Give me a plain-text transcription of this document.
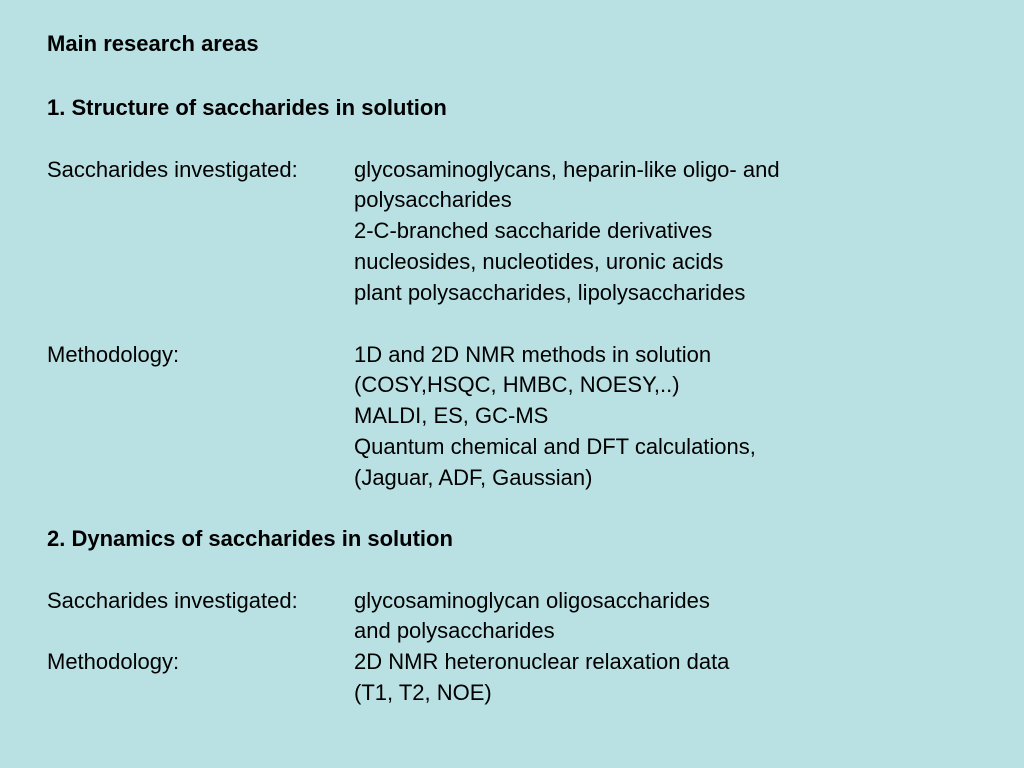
Main research areas
1. Structure of saccharides in solution
Saccharides investigated:	glycosaminoglycans, heparin-like oligo- and
polysaccharides
2-C-branched saccharide derivatives
nucleosides, nucleotides, uronic acids
plant polysaccharides, lipolysaccharides
Methodology:	1D and 2D NMR methods in solution
(COSY,HSQC, HMBC, NOESY,..)
MALDI, ES, GC-MS
Quantum chemical and DFT calculations,
(Jaguar, ADF, Gaussian)
2. Dynamics of saccharides in solution
Saccharides investigated:	glycosaminoglycan oligosaccharides
and polysaccharides
Methodology:	2D NMR heteronuclear relaxation data
(T1, T2, NOE)
